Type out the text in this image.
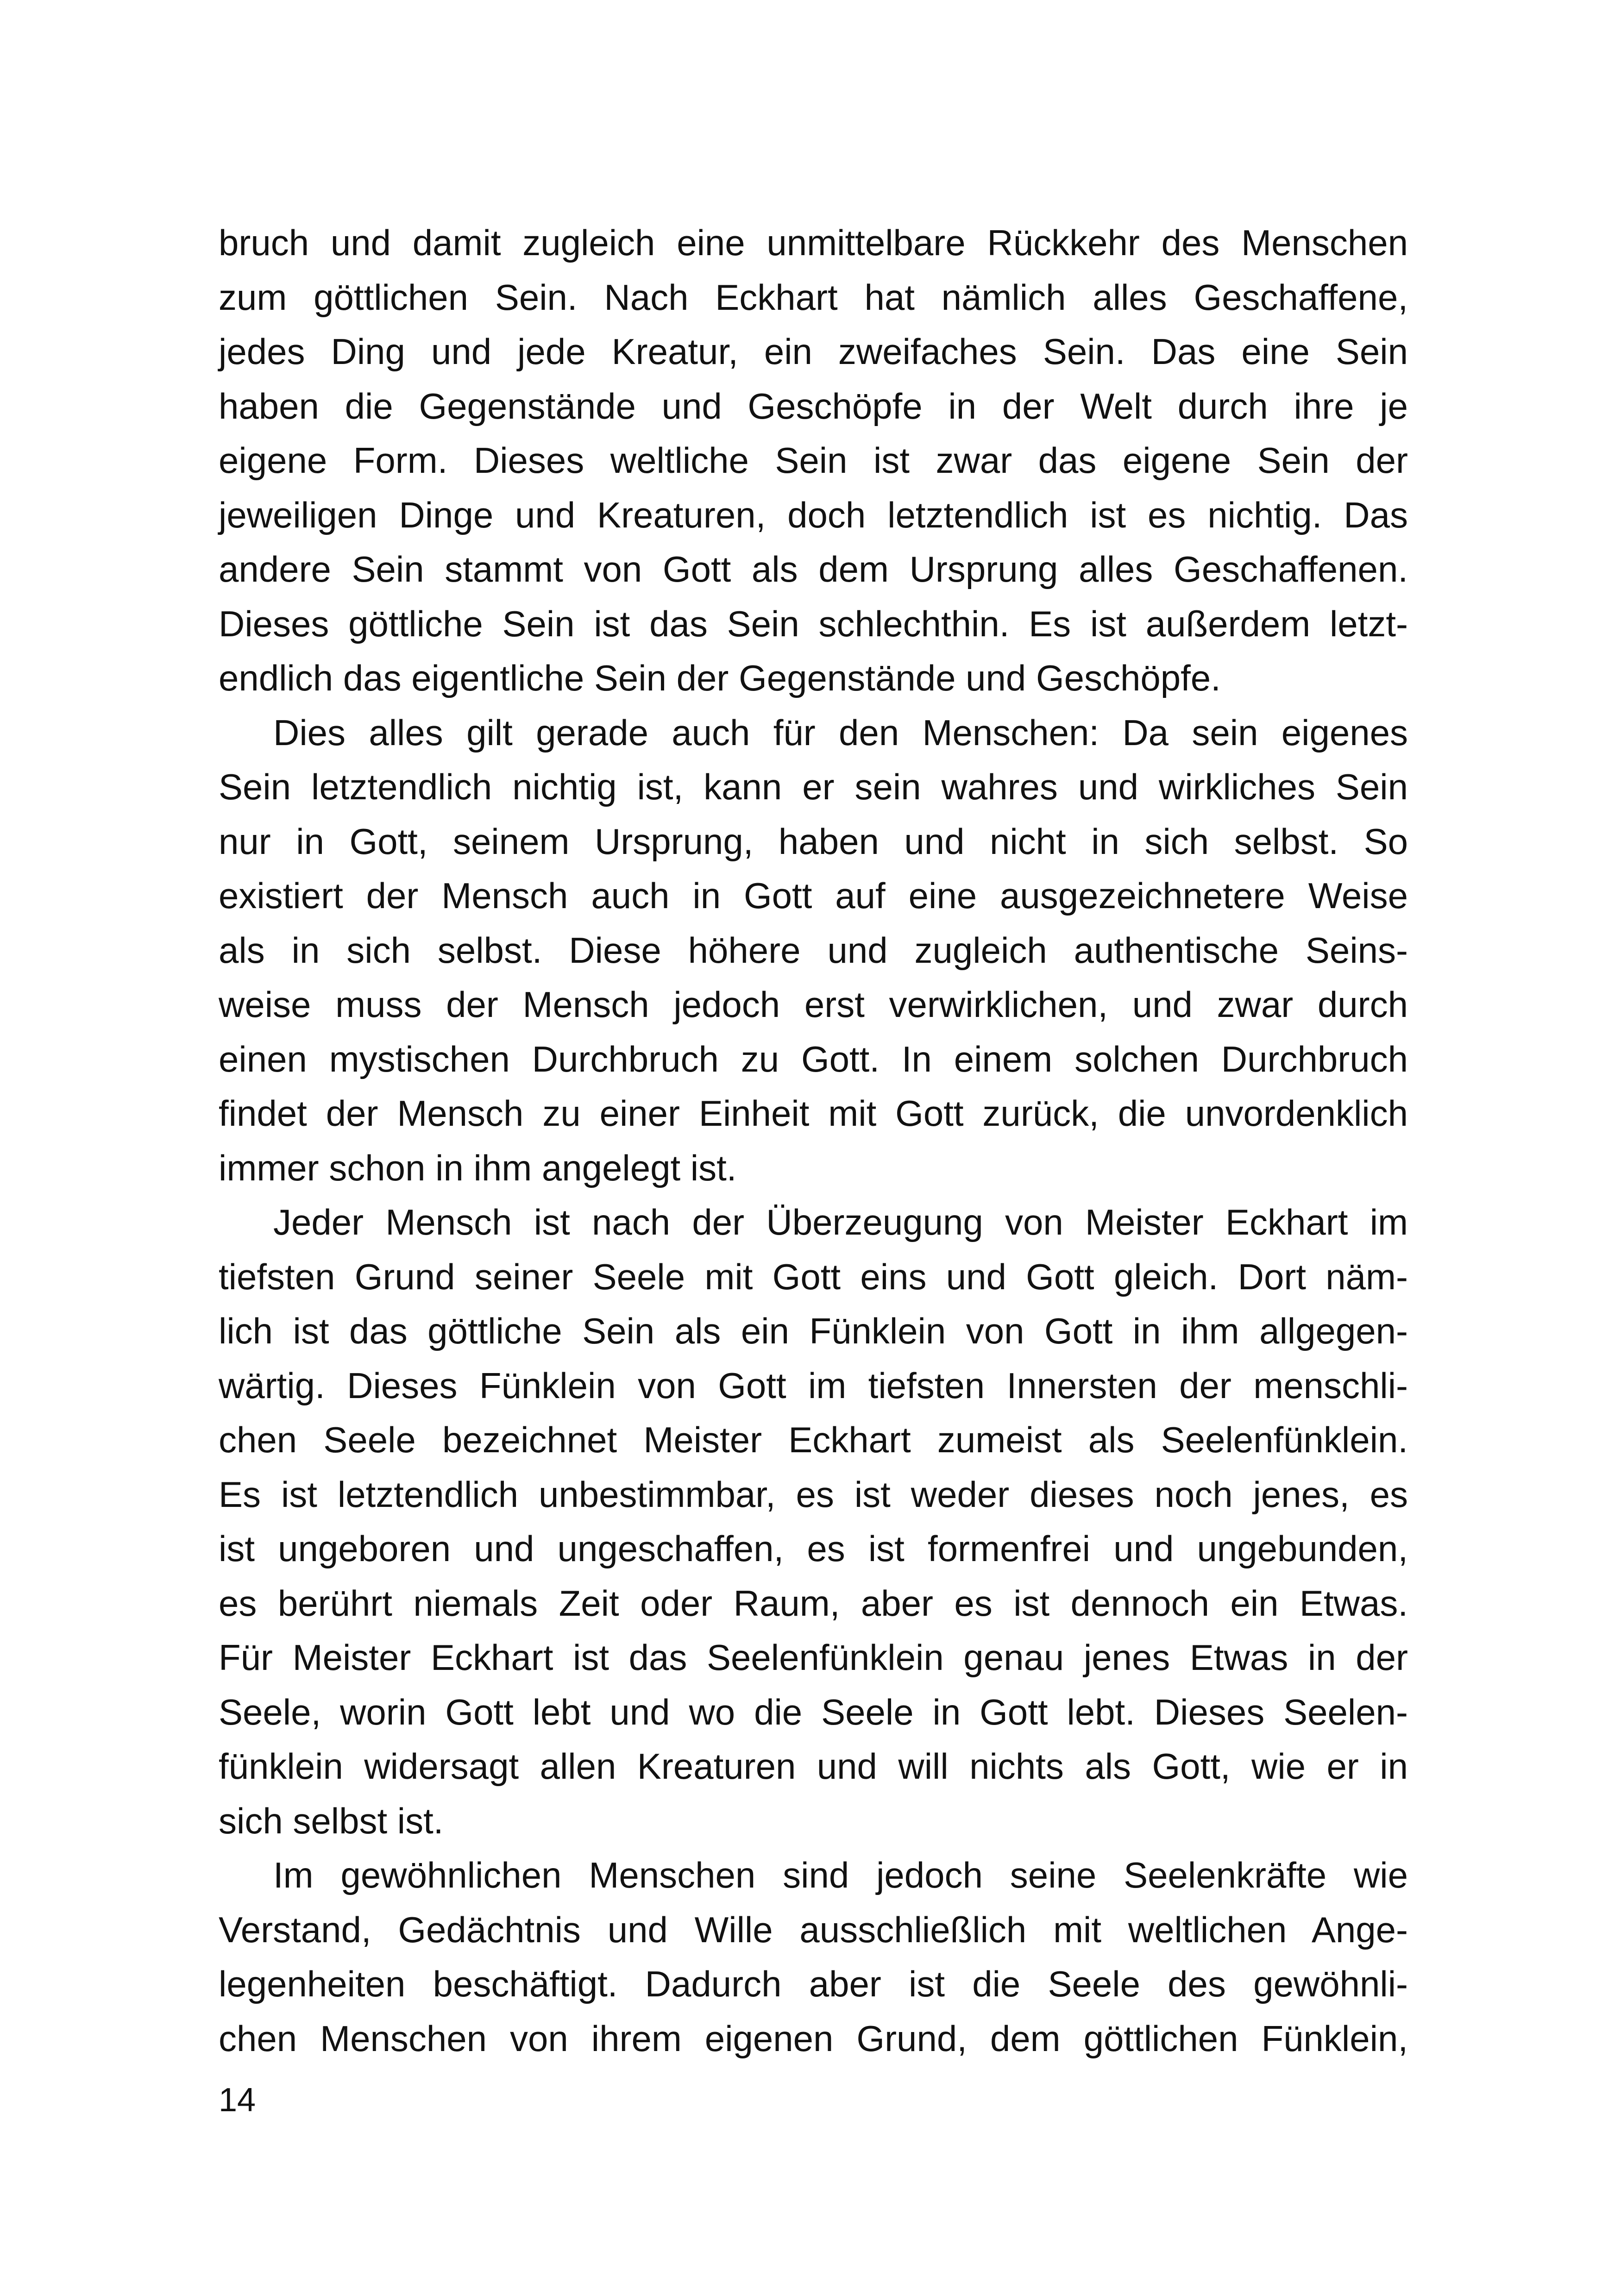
bruch und damit zugleich eine unmittelbare Rückkehr des Menschen
zum göttlichen Sein. Nach Eckhart hat nämlich alles Geschaffene,
jedes Ding und jede Kreatur, ein zweifaches Sein. Das eine Sein
haben die Gegenstände und Geschöpfe in der Welt durch ihre je
eigene Form. Dieses weltliche Sein ist zwar das eigene Sein der
jeweiligen Dinge und Kreaturen, doch letztendlich ist es nichtig. Das
andere Sein stammt von Gott als dem Ursprung alles Geschaffenen.
Dieses göttliche Sein ist das Sein schlechthin. Es ist außerdem letzt-
endlich das eigentliche Sein der Gegenstände und Geschöpfe.
Dies alles gilt gerade auch für den Menschen: Da sein eigenes
Sein letztendlich nichtig ist, kann er sein wahres und wirkliches Sein
nur in Gott, seinem Ursprung, haben und nicht in sich selbst. So
existiert der Mensch auch in Gott auf eine ausgezeichnetere Weise
als in sich selbst. Diese höhere und zugleich authentische Seins-
weise muss der Mensch jedoch erst verwirklichen, und zwar durch
einen mystischen Durchbruch zu Gott. In einem solchen Durchbruch
findet der Mensch zu einer Einheit mit Gott zurück, die unvordenklich
immer schon in ihm angelegt ist.
Jeder Mensch ist nach der Überzeugung von Meister Eckhart im
tiefsten Grund seiner Seele mit Gott eins und Gott gleich. Dort näm-
lich ist das göttliche Sein als ein Fünklein von Gott in ihm allgegen-
wärtig. Dieses Fünklein von Gott im tiefsten Innersten der menschli-
chen Seele bezeichnet Meister Eckhart zumeist als Seelenfünklein.
Es ist letztendlich unbestimmbar, es ist weder dieses noch jenes, es
ist ungeboren und ungeschaffen, es ist formenfrei und ungebunden,
es berührt niemals Zeit oder Raum, aber es ist dennoch ein Etwas.
Für Meister Eckhart ist das Seelenfünklein genau jenes Etwas in der
Seele, worin Gott lebt und wo die Seele in Gott lebt. Dieses Seelen-
fünklein widersagt allen Kreaturen und will nichts als Gott, wie er in
sich selbst ist.
Im gewöhnlichen Menschen sind jedoch seine Seelenkräfte wie
Verstand, Gedächtnis und Wille ausschließlich mit weltlichen Ange-
legenheiten beschäftigt. Dadurch aber ist die Seele des gewöhnli-
chen Menschen von ihrem eigenen Grund, dem göttlichen Fünklein,
14
